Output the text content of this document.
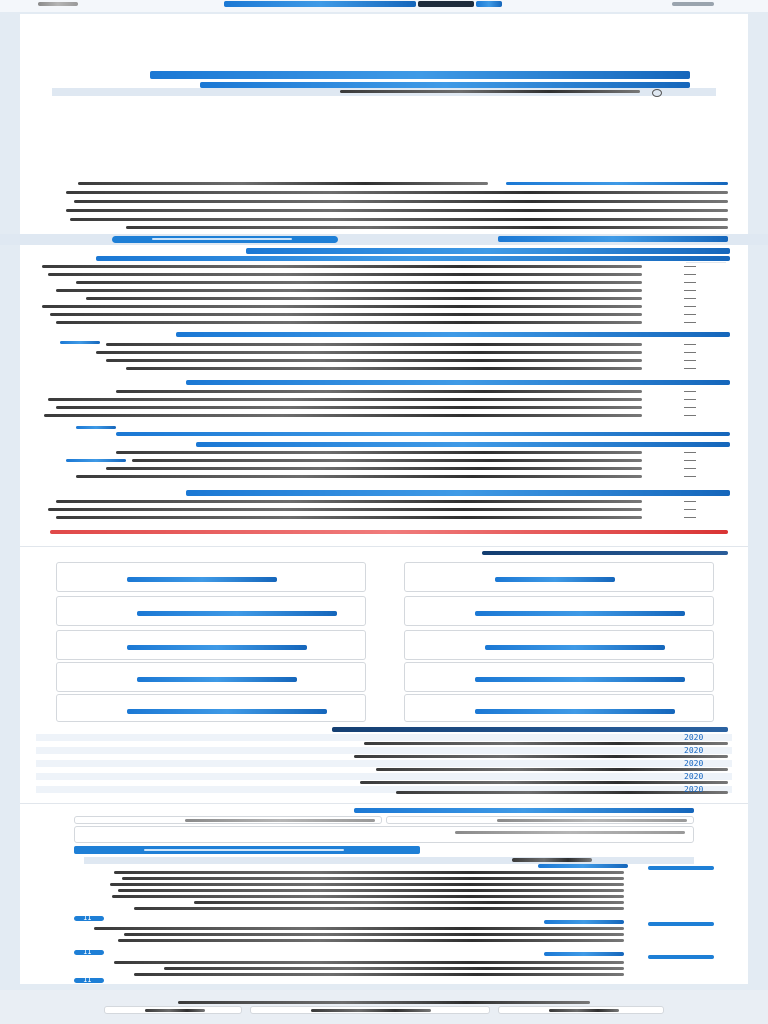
2020
2020
2020
2020
2020
11
11
11
